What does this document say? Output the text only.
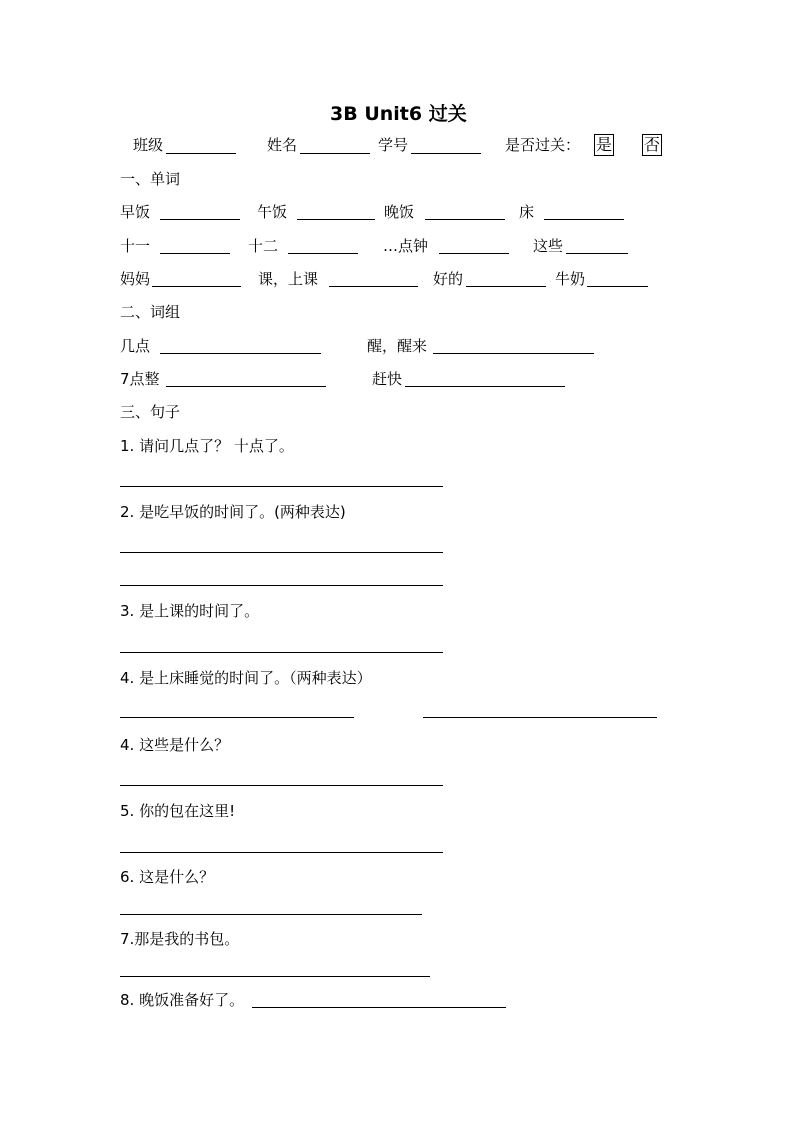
3B Unit6 过关
班级	姓名	学号	是否过关： 是 否
一、单词
早饭	午饭	晚饭	床
十一	十二	…点钟	这些
妈妈	课，上课	好的	牛奶
二、词组
几点	醒，醒来
7点整	赶快
三、句子
1. 请问几点了？ 十点了。
2. 是吃早饭的时间了。(两种表达)
3. 是上课的时间了。
4. 是上床睡觉的时间了。（两种表达）
4. 这些是什么？
5. 你的包在这里!
6. 这是什么？
7.那是我的书包。
8. 晚饭准备好了。
